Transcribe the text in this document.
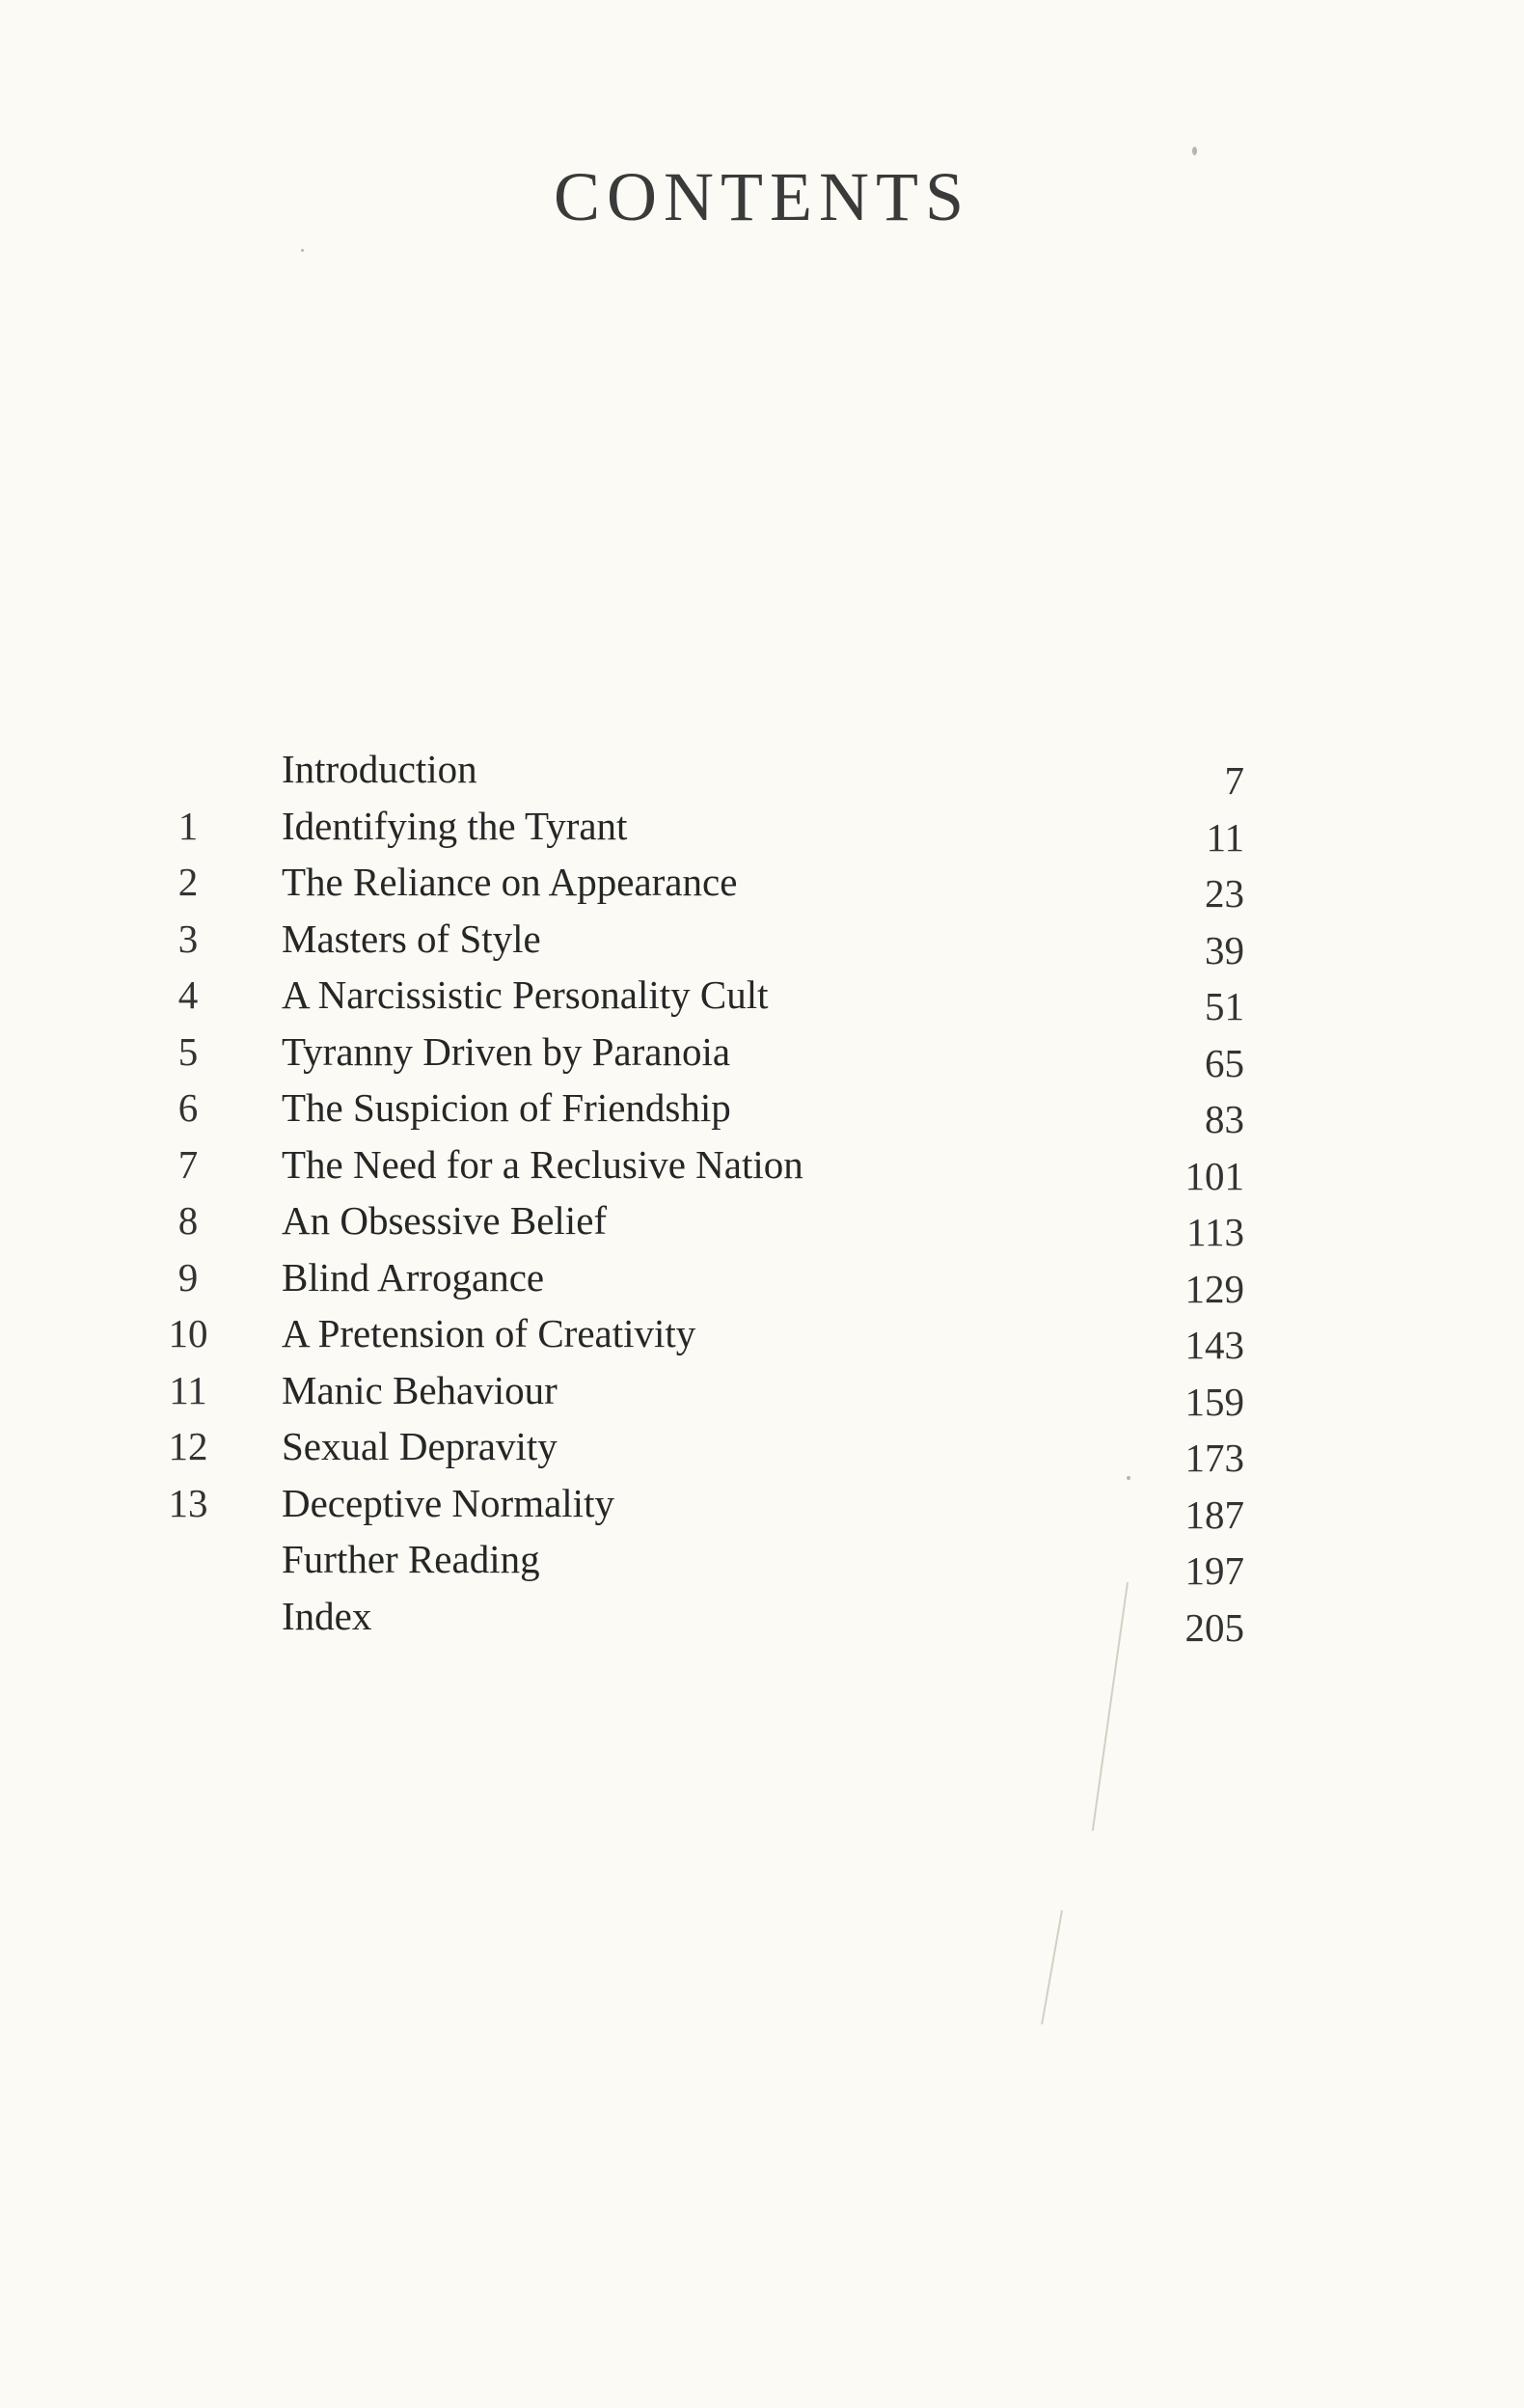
CONTENTS
Introduction	7
1	Identifying the Tyrant	11
2	The Reliance on Appearance	23
3	Masters of Style	39
4	A Narcissistic Personality Cult	51
5	Tyranny Driven by Paranoia	65
6	The Suspicion of Friendship	83
7	The Need for a Reclusive Nation	101
8	An Obsessive Belief	113
9	Blind Arrogance	129
10	A Pretension of Creativity	143
11	Manic Behaviour	159
12	Sexual Depravity	173
13	Deceptive Normality	187
Further Reading	197
Index	205
